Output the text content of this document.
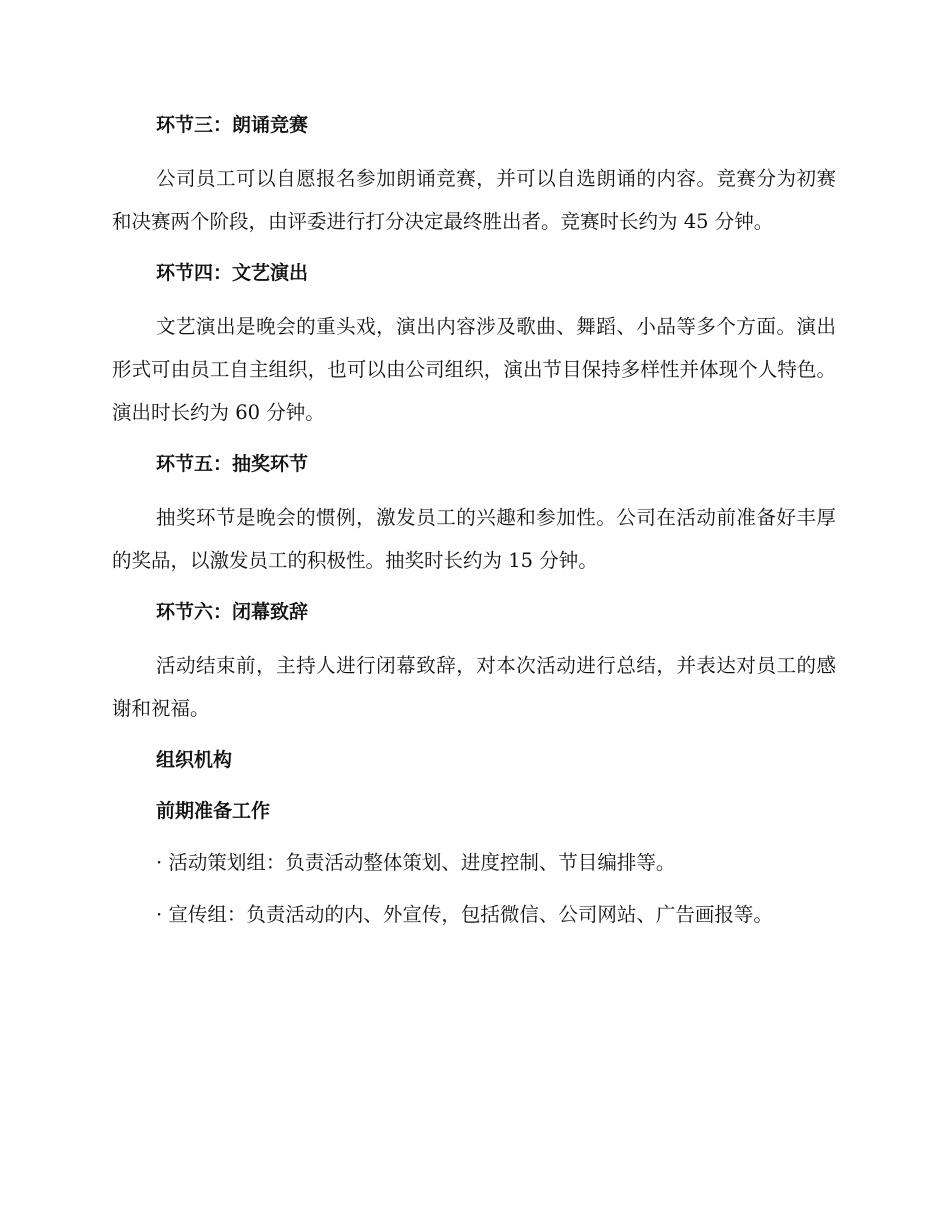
环节三：朗诵竞赛

公司员工可以自愿报名参加朗诵竞赛，并可以自选朗诵的内容。竞赛分为初赛和决赛两个阶段，由评委进行打分决定最终胜出者。竞赛时长约为 45 分钟。

环节四：文艺演出

文艺演出是晚会的重头戏，演出内容涉及歌曲、舞蹈、小品等多个方面。演出形式可由员工自主组织，也可以由公司组织，演出节目保持多样性并体现个人特色。演出时长约为 60 分钟。

环节五：抽奖环节

抽奖环节是晚会的惯例，激发员工的兴趣和参加性。公司在活动前准备好丰厚的奖品，以激发员工的积极性。抽奖时长约为 15 分钟。

环节六：闭幕致辞

活动结束前，主持人进行闭幕致辞，对本次活动进行总结，并表达对员工的感谢和祝福。

组织机构

前期准备工作

· 活动策划组：负责活动整体策划、进度控制、节目编排等。

· 宣传组：负责活动的内、外宣传，包括微信、公司网站、广告画报等。
